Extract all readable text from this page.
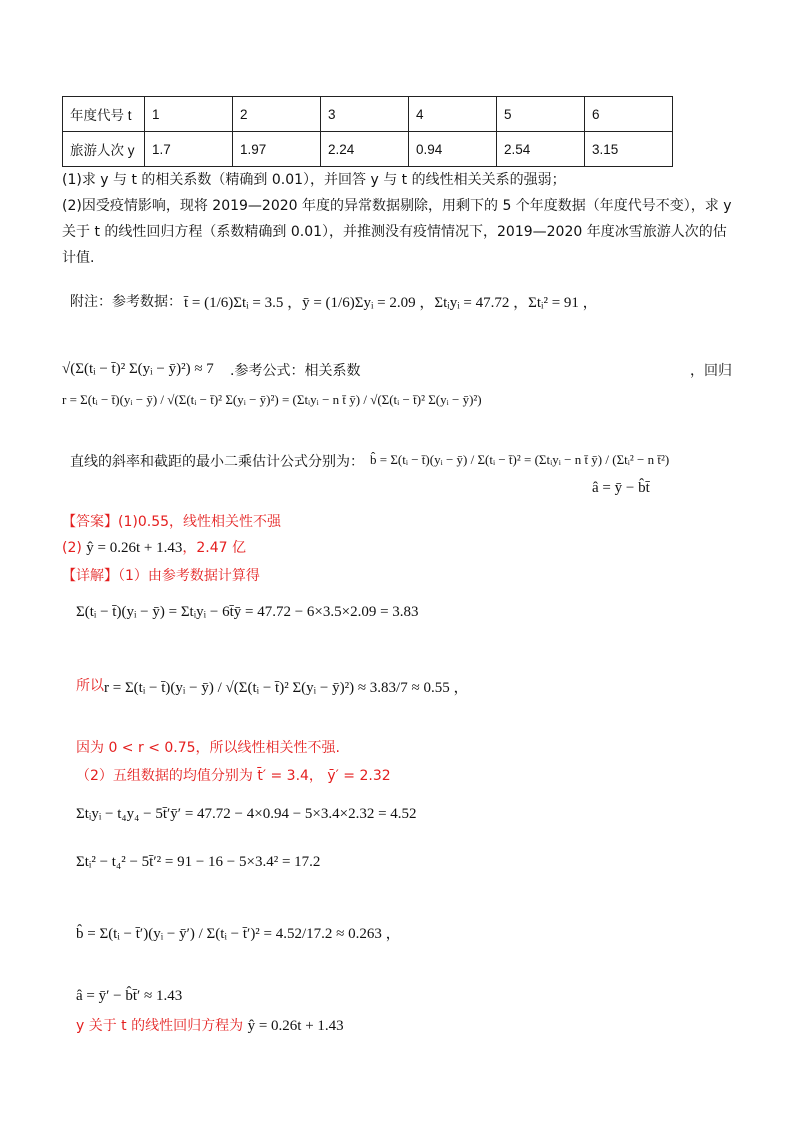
年度代号 t	1	2	3	4	5	6
旅游人次 y	1.7	1.97	2.24	0.94	2.54	3.15
(1)求 y 与 t 的相关系数（精确到 0.01），并回答 y 与 t 的线性相关关系的强弱；
(2)因受疫情影响，现将 2019—2020 年度的异常数据剔除，用剩下的 5 个年度数据（年度代号不变），求 y
关于 t 的线性回归方程（系数精确到 0.01），并推测没有疫情情况下，2019—2020 年度冰雪旅游人次的估
计值.
附注：参考数据： t̄ = (1/6)Σtᵢ = 3.5 ，ȳ = (1/6)Σyᵢ = 2.09 ，Σtᵢyᵢ = 47.72 ，Σtᵢ² = 91 ，
√(Σ(tᵢ − t̄)² Σ(yᵢ − ȳ)²) ≈ 7 .参考公式：相关系数
r = Σ(tᵢ − t̄)(yᵢ − ȳ) / √(Σ(tᵢ − t̄)² Σ(yᵢ − ȳ)²) = (Σtᵢyᵢ − n t̄ ȳ) / √(Σ(tᵢ − t̄)² Σ(yᵢ − ȳ)²)
，回归
直线的斜率和截距的最小二乘估计公式分别为： b̂ = Σ(tᵢ − t̄)(yᵢ − ȳ) / Σ(tᵢ − t̄)² = (Σtᵢyᵢ − n t̄ ȳ) / (Σtᵢ² − n t̄²)
â = ȳ − b̂t̄
【答案】(1)0.55，线性相关性不强
(2) ŷ = 0.26t + 1.43，2.47 亿
【详解】（1）由参考数据计算得
Σ(tᵢ − t̄)(yᵢ − ȳ) = Σtᵢyᵢ − 6t̄ȳ = 47.72 − 6×3.5×2.09 = 3.83
所以 r = Σ(tᵢ − t̄)(yᵢ − ȳ) / √(Σ(tᵢ − t̄)² Σ(yᵢ − ȳ)²) ≈ 3.83/7 ≈ 0.55 ，
因为 0 < r < 0.75，所以线性相关性不强.
（2）五组数据的均值分别为 t̄′ = 3.4， ȳ′ = 2.32
Σtᵢyᵢ − t₄y₄ − 5t̄′ȳ′ = 47.72 − 4×0.94 − 5×3.4×2.32 = 4.52
Σtᵢ² − t₄² − 5t̄′² = 91 − 16 − 5×3.4² = 17.2
b̂ = Σ(tᵢ − t̄′)(yᵢ − ȳ′) / Σ(tᵢ − t̄′)² = 4.52/17.2 ≈ 0.263 ，
â = ȳ′ − b̂t̄′ ≈ 1.43
y 关于 t 的线性回归方程为 ŷ = 0.26t + 1.43
